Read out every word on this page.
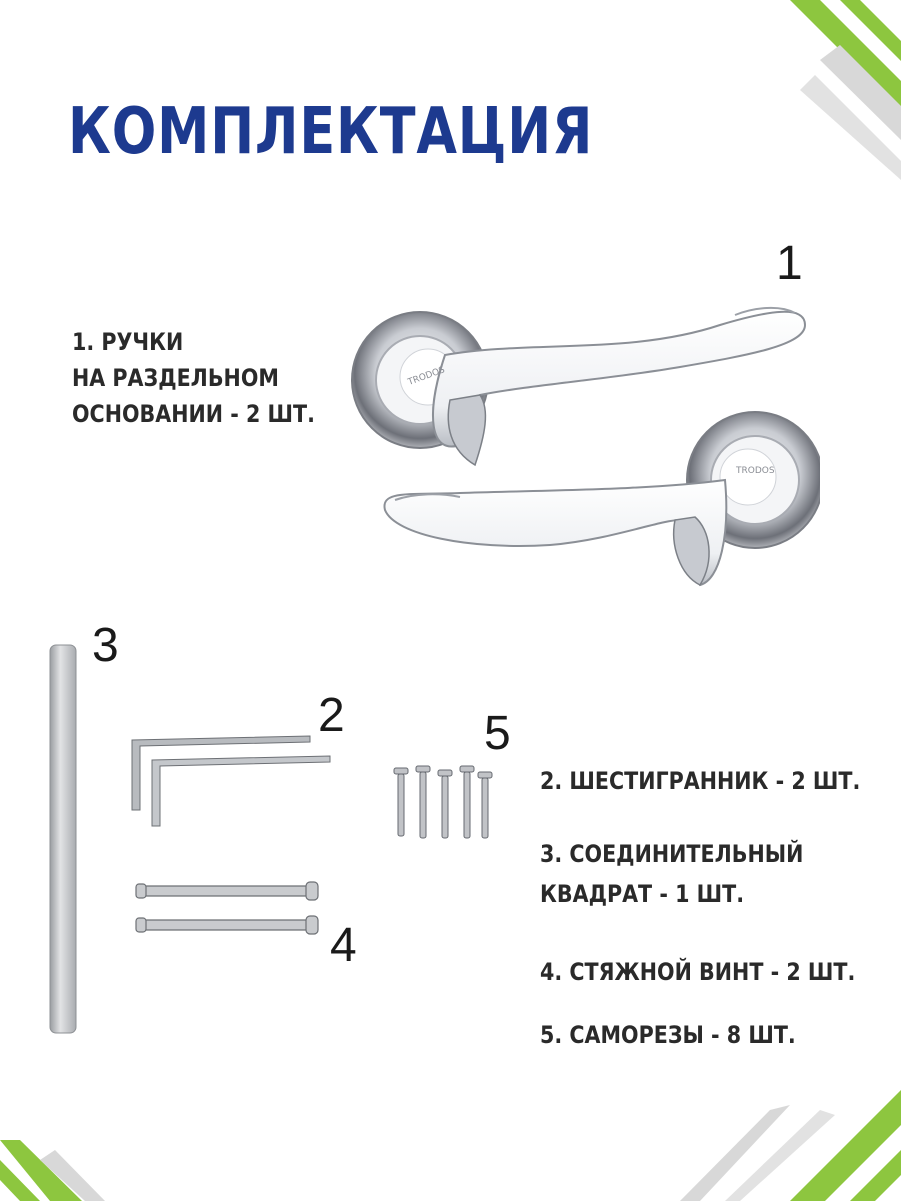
КОМПЛЕКТАЦИЯ
1. РУЧКИ
НА РАЗДЕЛЬНОМ
ОСНОВАНИИ - 2 ШТ.
1
TRODOS
TRODOS
3
2
4
5
2. ШЕСТИГРАННИК - 2 ШТ.
3. СОЕДИНИТЕЛЬНЫЙ
КВАДРАТ - 1 ШТ.
4. СТЯЖНОЙ ВИНТ - 2 ШТ.
5. САМОРЕЗЫ - 8 ШТ.
